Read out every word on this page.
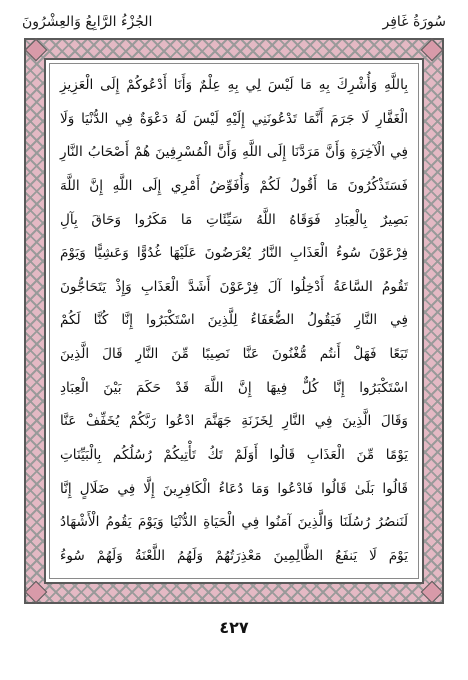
الجُزْءُ الرَّابِعُ وَالعِشْرُونَ	سُورَةُ غَافِر
بِاللَّهِ وَأُشْرِكَ بِهِ مَا لَيْسَ لِي بِهِ عِلْمٌ وَأَنَا أَدْعُوكُمْ إِلَى الْعَزِيزِ
الْغَفَّارِ لَا جَرَمَ أَنَّمَا تَدْعُونَنِي إِلَيْهِ لَيْسَ لَهُ دَعْوَةٌ فِي الدُّنْيَا وَلَا
فِي الْآخِرَةِ وَأَنَّ مَرَدَّنَا إِلَى اللَّهِ وَأَنَّ الْمُسْرِفِينَ هُمْ أَصْحَابُ النَّارِ
فَسَتَذْكُرُونَ مَا أَقُولُ لَكُمْ وَأُفَوِّضُ أَمْرِي إِلَى اللَّهِ إِنَّ اللَّهَ
بَصِيرٌ بِالْعِبَادِ فَوَقَاهُ اللَّهُ سَيِّئَاتِ مَا مَكَرُوا وَحَاقَ بِآلِ
فِرْعَوْنَ سُوءُ الْعَذَابِ النَّارُ يُعْرَضُونَ عَلَيْهَا غُدُوًّا وَعَشِيًّا وَيَوْمَ
تَقُومُ السَّاعَةُ أَدْخِلُوا آلَ فِرْعَوْنَ أَشَدَّ الْعَذَابِ وَإِذْ يَتَحَاجُّونَ
فِي النَّارِ فَيَقُولُ الضُّعَفَاءُ لِلَّذِينَ اسْتَكْبَرُوا إِنَّا كُنَّا لَكُمْ
تَبَعًا فَهَلْ أَنتُم مُّغْنُونَ عَنَّا نَصِيبًا مِّنَ النَّارِ قَالَ الَّذِينَ
اسْتَكْبَرُوا إِنَّا كُلٌّ فِيهَا إِنَّ اللَّهَ قَدْ حَكَمَ بَيْنَ الْعِبَادِ
وَقَالَ الَّذِينَ فِي النَّارِ لِخَزَنَةِ جَهَنَّمَ ادْعُوا رَبَّكُمْ يُخَفِّفْ عَنَّا
يَوْمًا مِّنَ الْعَذَابِ قَالُوا أَوَلَمْ تَكُ تَأْتِيكُمْ رُسُلُكُم بِالْبَيِّنَاتِ
قَالُوا بَلَىٰ قَالُوا فَادْعُوا وَمَا دُعَاءُ الْكَافِرِينَ إِلَّا فِي ضَلَالٍ إِنَّا
لَنَنصُرُ رُسُلَنَا وَالَّذِينَ آمَنُوا فِي الْحَيَاةِ الدُّنْيَا وَيَوْمَ يَقُومُ الْأَشْهَادُ
يَوْمَ لَا يَنفَعُ الظَّالِمِينَ مَعْذِرَتُهُمْ وَلَهُمُ اللَّعْنَةُ وَلَهُمْ سُوءُ
٤٢٧
